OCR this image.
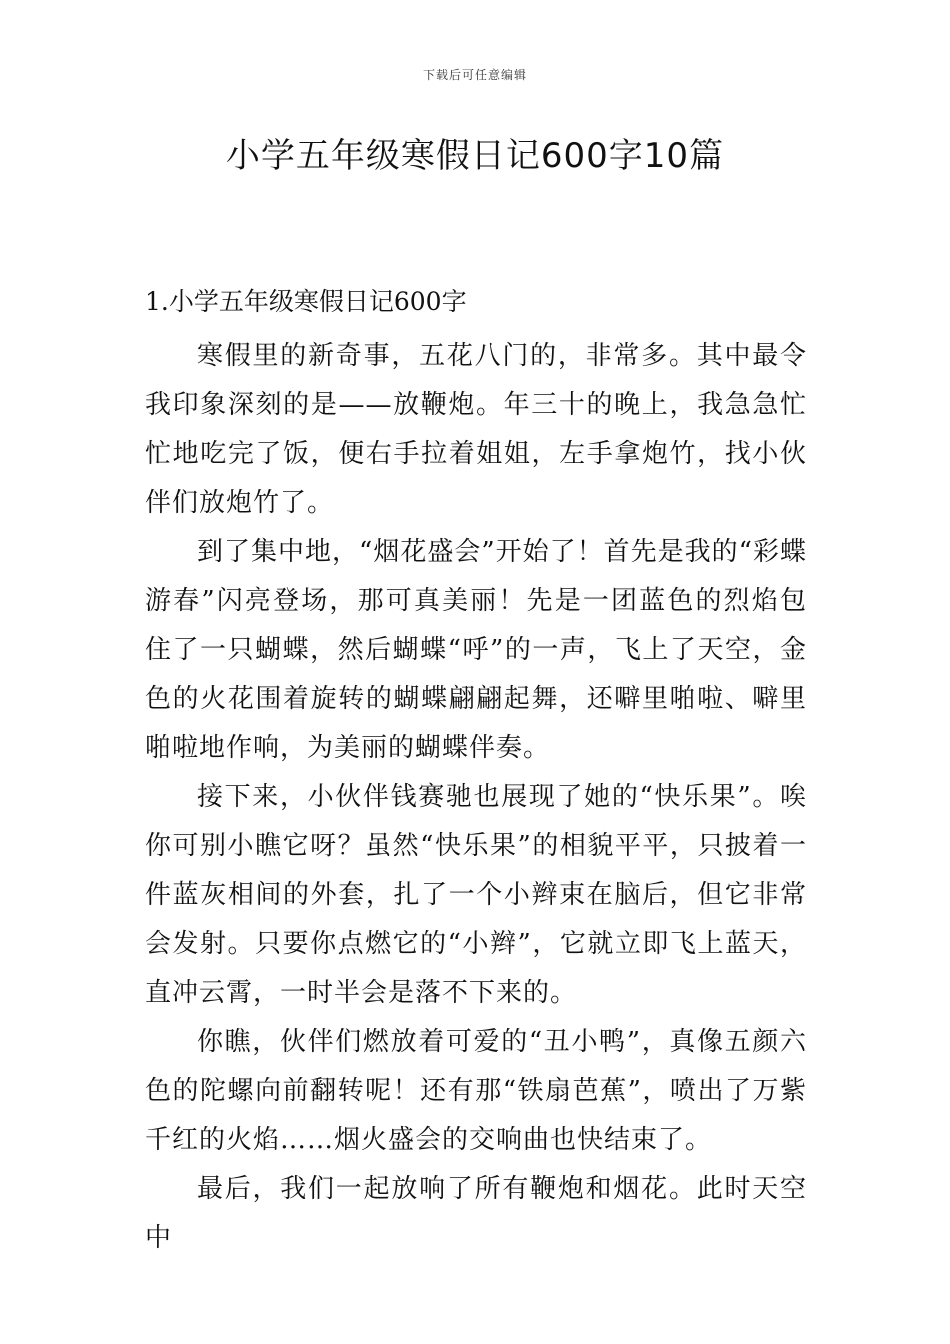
下载后可任意编辑
小学五年级寒假日记600字10篇

1.小学五年级寒假日记600字

寒假里的新奇事，五花八门的，非常多。其中最令我印象深刻的是——放鞭炮。年三十的晚上，我急急忙忙地吃完了饭，便右手拉着姐姐，左手拿炮竹，找小伙伴们放炮竹了。

到了集中地，“烟花盛会”开始了！首先是我的“彩蝶游春”闪亮登场，那可真美丽！先是一团蓝色的烈焰包住了一只蝴蝶，然后蝴蝶“呼”的一声，飞上了天空，金色的火花围着旋转的蝴蝶翩翩起舞，还噼里啪啦、噼里啪啦地作响，为美丽的蝴蝶伴奏。

接下来，小伙伴钱赛驰也展现了她的“快乐果”。唉你可别小瞧它呀？虽然“快乐果”的相貌平平，只披着一件蓝灰相间的外套，扎了一个小辫束在脑后，但它非常会发射。只要你点燃它的“小辫”，它就立即飞上蓝天，直冲云霄，一时半会是落不下来的。

你瞧，伙伴们燃放着可爱的“丑小鸭”，真像五颜六色的陀螺向前翻转呢！还有那“铁扇芭蕉”，喷出了万紫千红的火焰……烟火盛会的交响曲也快结束了。

最后，我们一起放响了所有鞭炮和烟花。此时天空中
